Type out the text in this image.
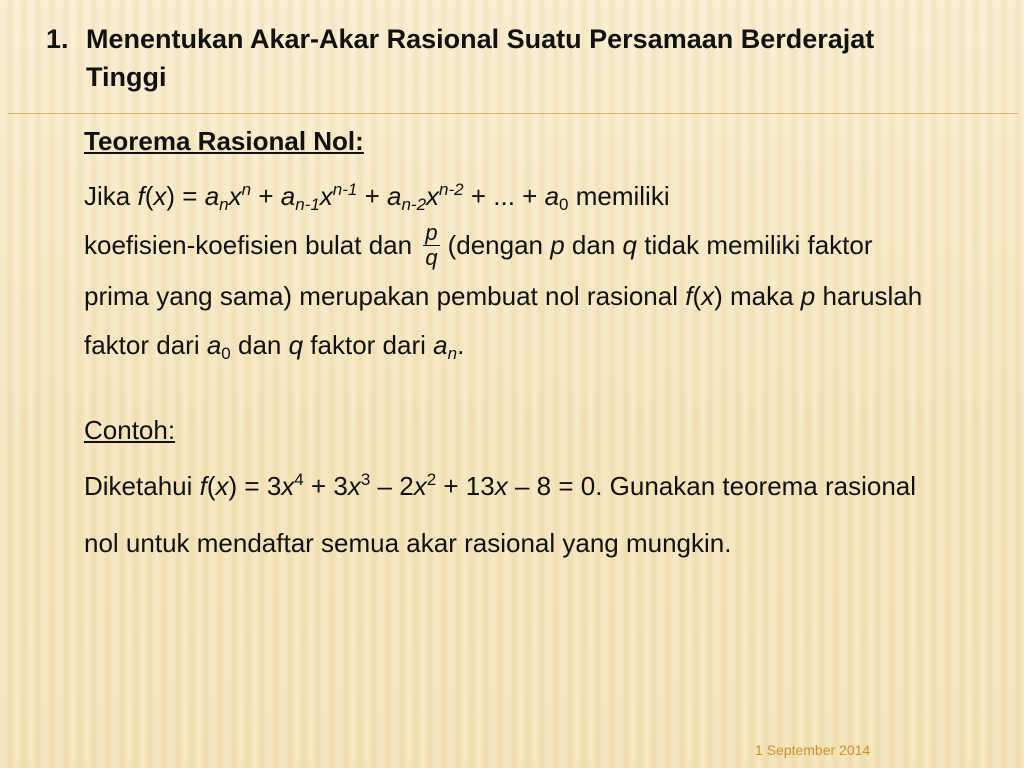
1. Menentukan Akar-Akar Rasional Suatu Persamaan Berderajat Tinggi
Teorema Rasional Nol:

Jika $f(x) = a_nx^n + a_{n-1}x^{n-1} + a_{n-2}x^{n-2}$ + ... + $a_0$ memiliki
koefisien-koefisien bulat dan $\frac{p}{q}$ (dengan p dan q tidak memiliki faktor prima yang sama) merupakan pembuat nol rasional f(x) maka p haruslah faktor dari $a_0$ dan q faktor dari $a_n$.

Contoh:

Diketahui $f(x) = 3x^4 + 3x^3 - 2x^2 + 13x - 8 = 0$. Gunakan teorema rasional nol untuk mendaftar semua akar rasional yang mungkin.

1 September 2014
